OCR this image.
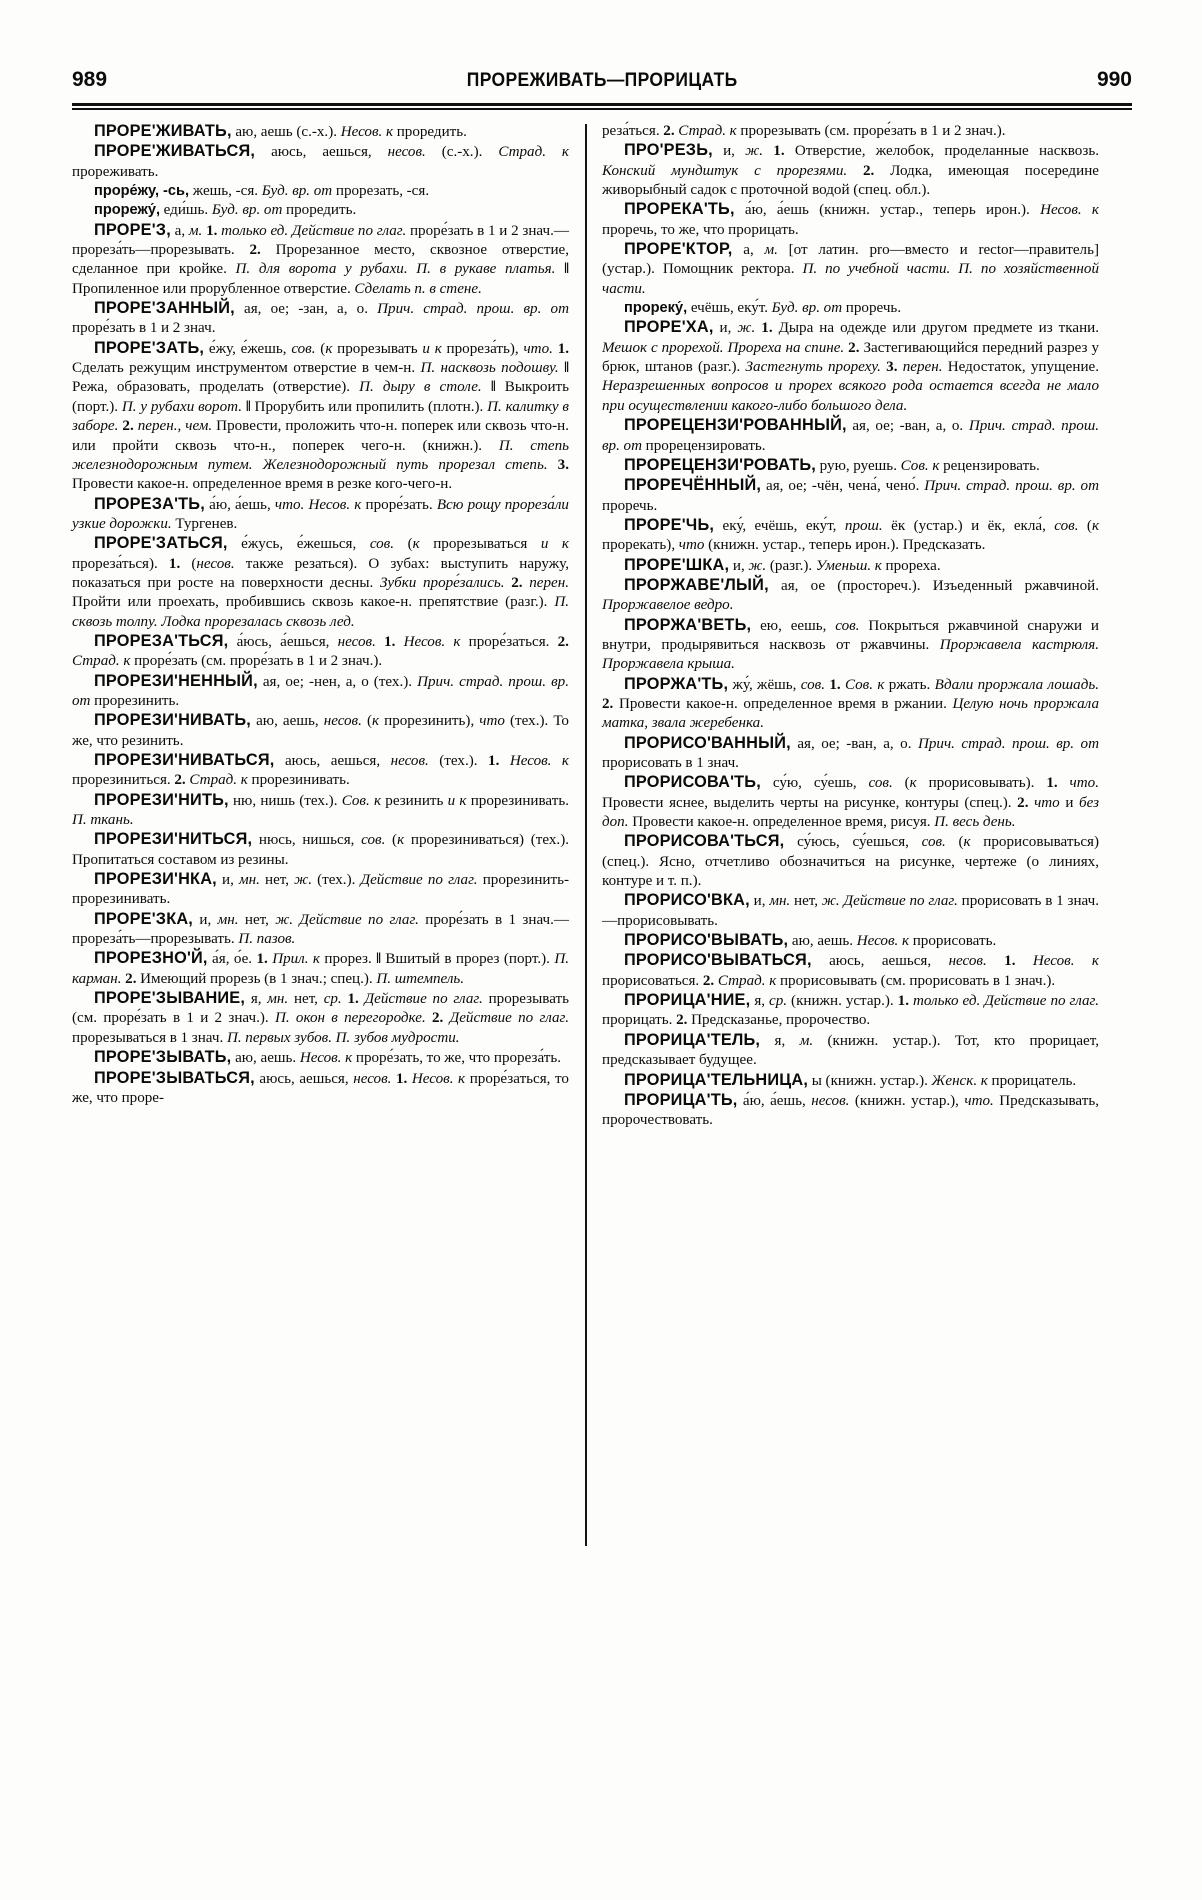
989	ПРОРЕЖИВАТЬ—ПРОРИЦАТЬ	990

ПРОРЕ'ЖИВАТЬ, аю, аешь (с.-х.). Несов. к проредить.

ПРОРЕ'ЖИВАТЬСЯ, аюсь, аешься, несов. (с.-х.). Страд. к прореживать.

проре́жу, -сь, жешь, -ся. Буд. вр. от прорезать, -ся.

прорежу́, еди́шь. Буд. вр. от проредить.

ПРОРЕ'З, а, м. 1. только ед. Действие по глаг. проре́зать в 1 и 2 знач.—прореза́ть—прорезывать. 2. Прорезанное место, сквозное отверстие, сделанное при кройке. П. для ворота у рубахи. П. в рукаве платья. ‖ Пропиленное или прорубленное отверстие. Сделать п. в стене.

ПРОРЕ'ЗАННЫЙ, ая, ое; -зан, а, о. Прич. страд. прош. вр. от проре́зать в 1 и 2 знач.

ПРОРЕ'ЗАТЬ, е́жу, е́жешь, сов. (к прорезывать и к прореза́ть), что. 1. Сделать режущим инструментом отверстие в чем-н. П. насквозь подошву. ‖ Режа, образовать, проделать (отверстие). П. дыру в столе. ‖ Выкроить (порт.). П. у рубахи ворот. ‖ Прорубить или пропилить (плотн.). П. калитку в заборе. 2. перен., чем. Провести, проложить что-н. поперек или сквозь что-н. или пройти сквозь что-н., поперек чего-н. (книжн.). П. степь железнодорожным путем. Железнодорожный путь прорезал степь. 3. Провести какое-н. определенное время в резке кого-чего-н.

ПРОРЕЗА'ТЬ, а́ю, а́ешь, что. Несов. к проре́зать. Всю рощу прореза́ли узкие дорожки. Тургенев.

ПРОРЕ'ЗАТЬСЯ, е́жусь, е́жешься, сов. (к прорезываться и к прореза́ться). 1. (несов. также резаться). О зубах: выступить наружу, показаться при росте на поверхности десны. Зубки проре́зались. 2. перен. Пройти или проехать, пробившись сквозь какое-н. препятствие (разг.). П. сквозь толпу. Лодка прорезалась сквозь лед.

ПРОРЕЗА'ТЬСЯ, а́юсь, а́ешься, несов. 1. Несов. к проре́заться. 2. Страд. к проре́зать (см. проре́зать в 1 и 2 знач.).

ПРОРЕЗИ'НЕННЫЙ, ая, ое; -нен, а, о (тех.). Прич. страд. прош. вр. от прорезинить.

ПРОРЕЗИ'НИВАТЬ, аю, аешь, несов. (к прорезинить), что (тех.). То же, что резинить.

ПРОРЕЗИ'НИВАТЬСЯ, аюсь, аешься, несов. (тех.). 1. Несов. к прорезиниться. 2. Страд. к прорезинивать.

ПРОРЕЗИ'НИТЬ, ню, нишь (тех.). Сов. к резинить и к прорезинивать. П. ткань.

ПРОРЕЗИ'НИТЬСЯ, нюсь, нишься, сов. (к прорезиниваться) (тех.). Пропитаться составом из резины.

ПРОРЕЗИ'НКА, и, мн. нет, ж. (тех.). Действие по глаг. прорезинить-прорезинивать.

ПРОРЕ'ЗКА, и, мн. нет, ж. Действие по глаг. проре́зать в 1 знач.—прореза́ть—прорезывать. П. пазов.

ПРОРЕЗНО'Й, а́я, о́е. 1. Прил. к прорез. ‖ Вшитый в прорез (порт.). П. карман. 2. Имеющий прорезь (в 1 знач.; спец.). П. штемпель.

ПРОРЕ'ЗЫВАНИЕ, я, мн. нет, ср. 1. Действие по глаг. прорезывать (см. проре́зать в 1 и 2 знач.). П. окон в перегородке. 2. Действие по глаг. прорезываться в 1 знач. П. первых зубов. П. зубов мудрости.

ПРОРЕ'ЗЫВАТЬ, аю, аешь. Несов. к проре́зать, то же, что прореза́ть.

ПРОРЕ'ЗЫВАТЬСЯ, аюсь, аешься, несов. 1. Несов. к проре́заться, то же, что проре-

реза́ться. 2. Страд. к прорезывать (см. проре́зать в 1 и 2 знач.).

ПРО'РЕЗЬ, и, ж. 1. Отверстие, желобок, проделанные насквозь. Конский мундштук с прорезями. 2. Лодка, имеющая посередине живорыбный садок с проточной водой (спец. обл.).

ПРОРЕКА'ТЬ, а́ю, а́ешь (книжн. устар., теперь ирон.). Несов. к проречь, то же, что прорицать.

ПРОРЕ'КТОР, а, м. [от латин. pro—вместо и rector—правитель] (устар.). Помощник ректора. П. по учебной части. П. по хозяйственной части.

прореку́, ечёшь, еку́т. Буд. вр. от проречь.

ПРОРЕ'ХА, и, ж. 1. Дыра на одежде или другом предмете из ткани. Мешок с прорехой. Прореха на спине. 2. Застегивающийся передний разрез у брюк, штанов (разг.). Застегнуть прореху. 3. перен. Недостаток, упущение. Неразрешенных вопросов и прорех всякого рода остается всегда не мало при осуществлении какого-либо большого дела.

ПРОРЕЦЕНЗИ'РОВАННЫЙ, ая, ое; -ван, а, о. Прич. страд. прош. вр. от прорецензировать.

ПРОРЕЦЕНЗИ'РОВАТЬ, рую, руешь. Сов. к рецензировать.

ПРОРЕЧЁННЫЙ, ая, ое; -чён, чена́, чено́. Прич. страд. прош. вр. от проречь.

ПРОРЕ'ЧЬ, еку́, ечёшь, еку́т, прош. ёк (устар.) и ёк, екла́, сов. (к прорекать), что (книжн. устар., теперь ирон.). Предсказать.

ПРОРЕ'ШКА, и, ж. (разг.). Уменьш. к прореха.

ПРОРЖАВЕ'ЛЫЙ, ая, ое (простореч.). Изъеденный ржавчиной. Проржавелое ведро.

ПРОРЖА'ВЕТЬ, ею, еешь, сов. Покрыться ржавчиной снаружи и внутри, продырявиться насквозь от ржавчины. Проржавела кастрюля. Проржавела крыша.

ПРОРЖА'ТЬ, жу́, жёшь, сов. 1. Сов. к ржать. Вдали проржала лошадь. 2. Провести какое-н. определенное время в ржании. Целую ночь проржала матка, звала жеребенка.

ПРОРИСО'ВАННЫЙ, ая, ое; -ван, а, о. Прич. страд. прош. вр. от прорисовать в 1 знач.

ПРОРИСОВА'ТЬ, су́ю, су́ешь, сов. (к прорисовывать). 1. что. Провести яснее, выделить черты на рисунке, контуры (спец.). 2. что и без доп. Провести какое-н. определенное время, рисуя. П. весь день.

ПРОРИСОВА'ТЬСЯ, су́юсь, су́ешься, сов. (к прорисовываться) (спец.). Ясно, отчетливо обозначиться на рисунке, чертеже (о линиях, контуре и т. п.).

ПРОРИСО'ВКА, и, мн. нет, ж. Действие по глаг. прорисовать в 1 знач.—прорисовывать.

ПРОРИСО'ВЫВАТЬ, аю, аешь. Несов. к прорисовать.

ПРОРИСО'ВЫВАТЬСЯ, аюсь, аешься, несов. 1. Несов. к прорисоваться. 2. Страд. к прорисовывать (см. прорисовать в 1 знач.).

ПРОРИЦА'НИЕ, я, ср. (книжн. устар.). 1. только ед. Действие по глаг. прорицать. 2. Предсказанье, пророчество.

ПРОРИЦА'ТЕЛЬ, я, м. (книжн. устар.). Тот, кто прорицает, предсказывает будущее.

ПРОРИЦА'ТЕЛЬНИЦА, ы (книжн. устар.). Женск. к прорицатель.

ПРОРИЦА'ТЬ, а́ю, а́ешь, несов. (книжн. устар.), что. Предсказывать, пророчествовать.
